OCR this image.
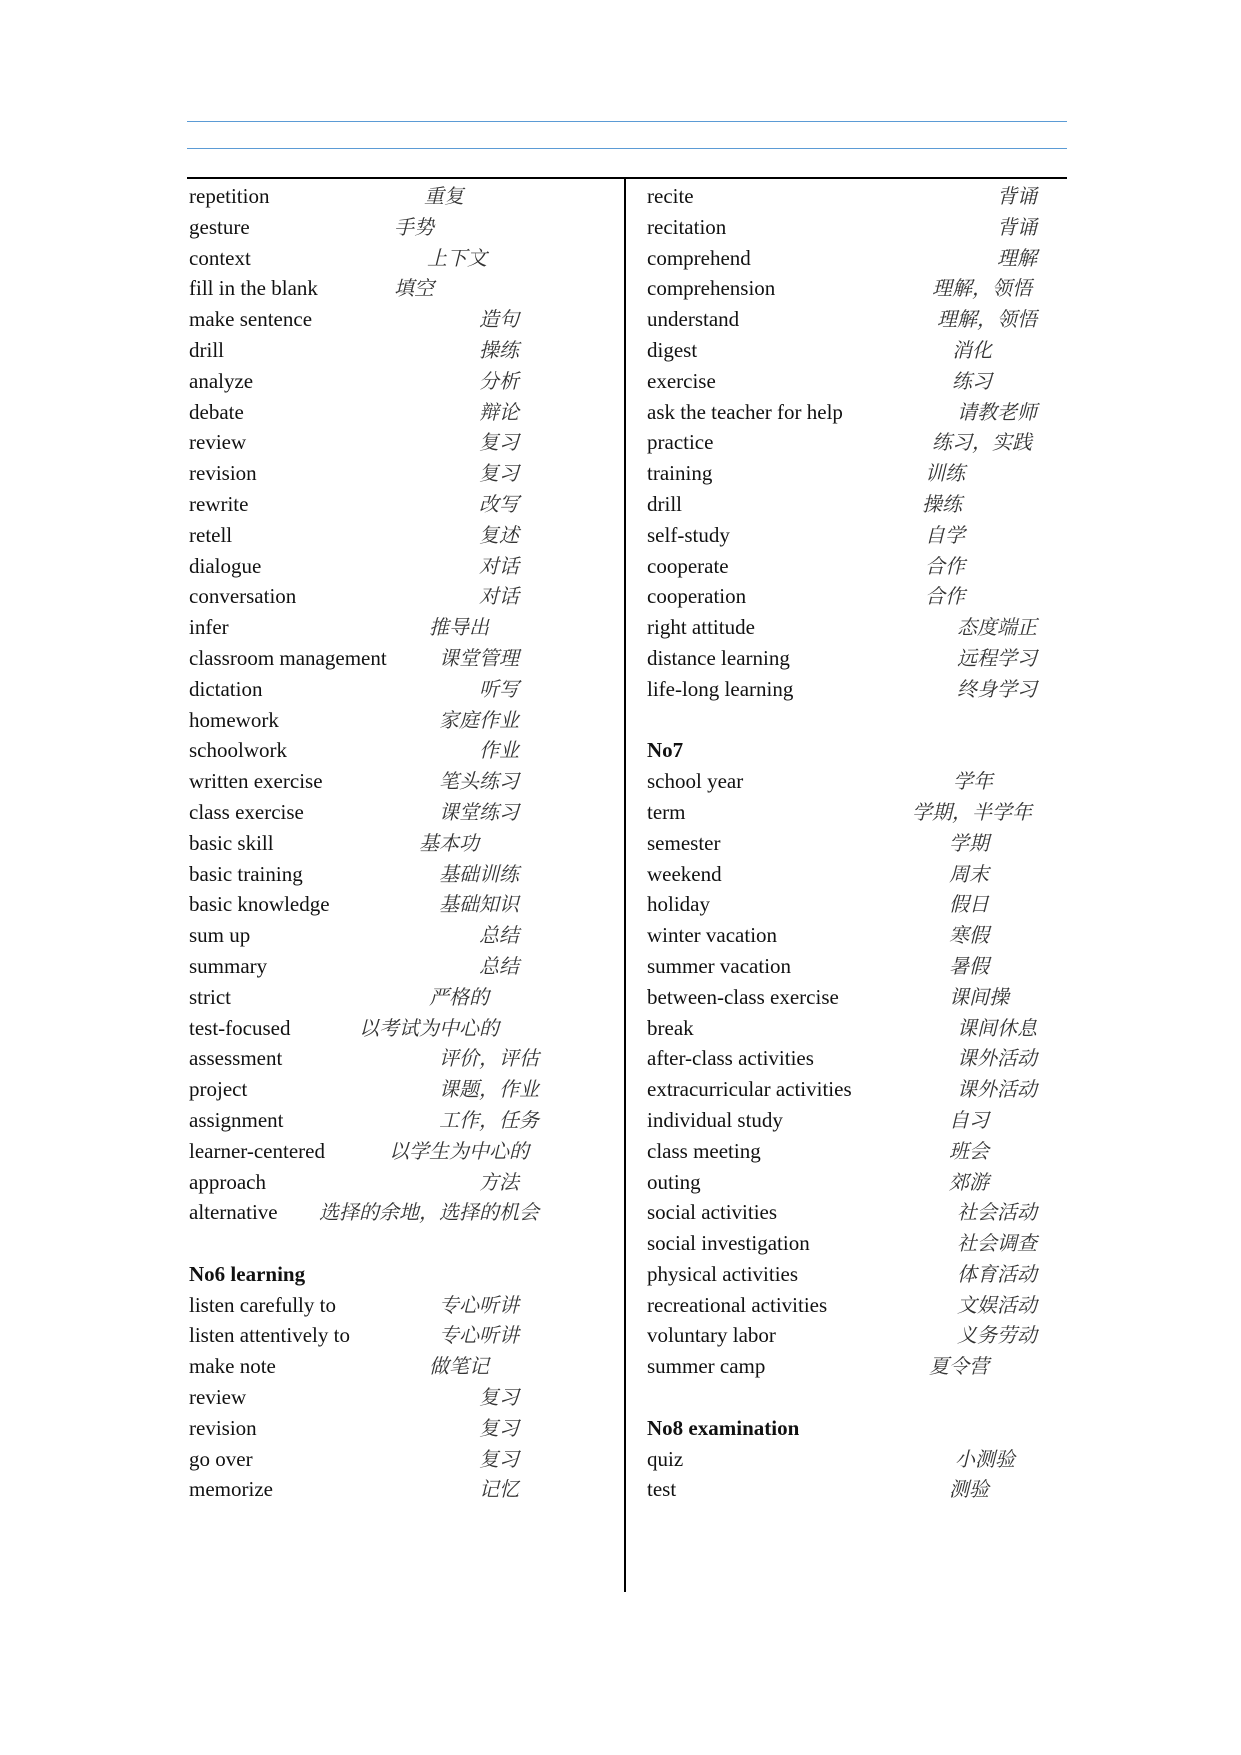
repetition	重复
gesture	手势
context	上下文
fill in the blank	填空
make sentence	造句
drill	操练
analyze	分析
debate	辩论
review	复习
revision	复习
rewrite	改写
retell	复述
dialogue	对话
conversation	对话
infer	推导出
classroom management	课堂管理
dictation	听写
homework	家庭作业
schoolwork	作业
written exercise	笔头练习
class exercise	课堂练习
basic skill	基本功
basic training	基础训练
basic knowledge	基础知识
sum up	总结
summary	总结
strict	严格的
test-focused	以考试为中心的
assessment	评价，评估
project	课题，作业
assignment	工作，任务
learner-centered	以学生为中心的
approach	方法
alternative 选择的余地，选择的机会
No6 learning
listen carefully to	专心听讲
listen attentively to	专心听讲
make note	做笔记
review	复习
revision	复习
go over	复习
memorize	记忆
recite	背诵
recitation	背诵
comprehend	理解
comprehension	理解，领悟
understand	理解，领悟
digest	消化
exercise	练习
ask the teacher for help	请教老师
practice	练习，实践
training	训练
drill	操练
self-study	自学
cooperate	合作
cooperation	合作
right attitude	态度端正
distance learning	远程学习
life-long learning	终身学习
No7
school year	学年
term	学期，半学年
semester	学期
weekend	周末
holiday	假日
winter vacation	寒假
summer vacation	暑假
between-class exercise	课间操
break	课间休息
after-class activities	课外活动
extracurricular activities	课外活动
individual study	自习
class meeting	班会
outing	郊游
social activities	社会活动
social investigation	社会调查
physical activities	体育活动
recreational activities	文娱活动
voluntary labor	义务劳动
summer camp	夏令营
No8 examination
quiz	小测验
test	测验
